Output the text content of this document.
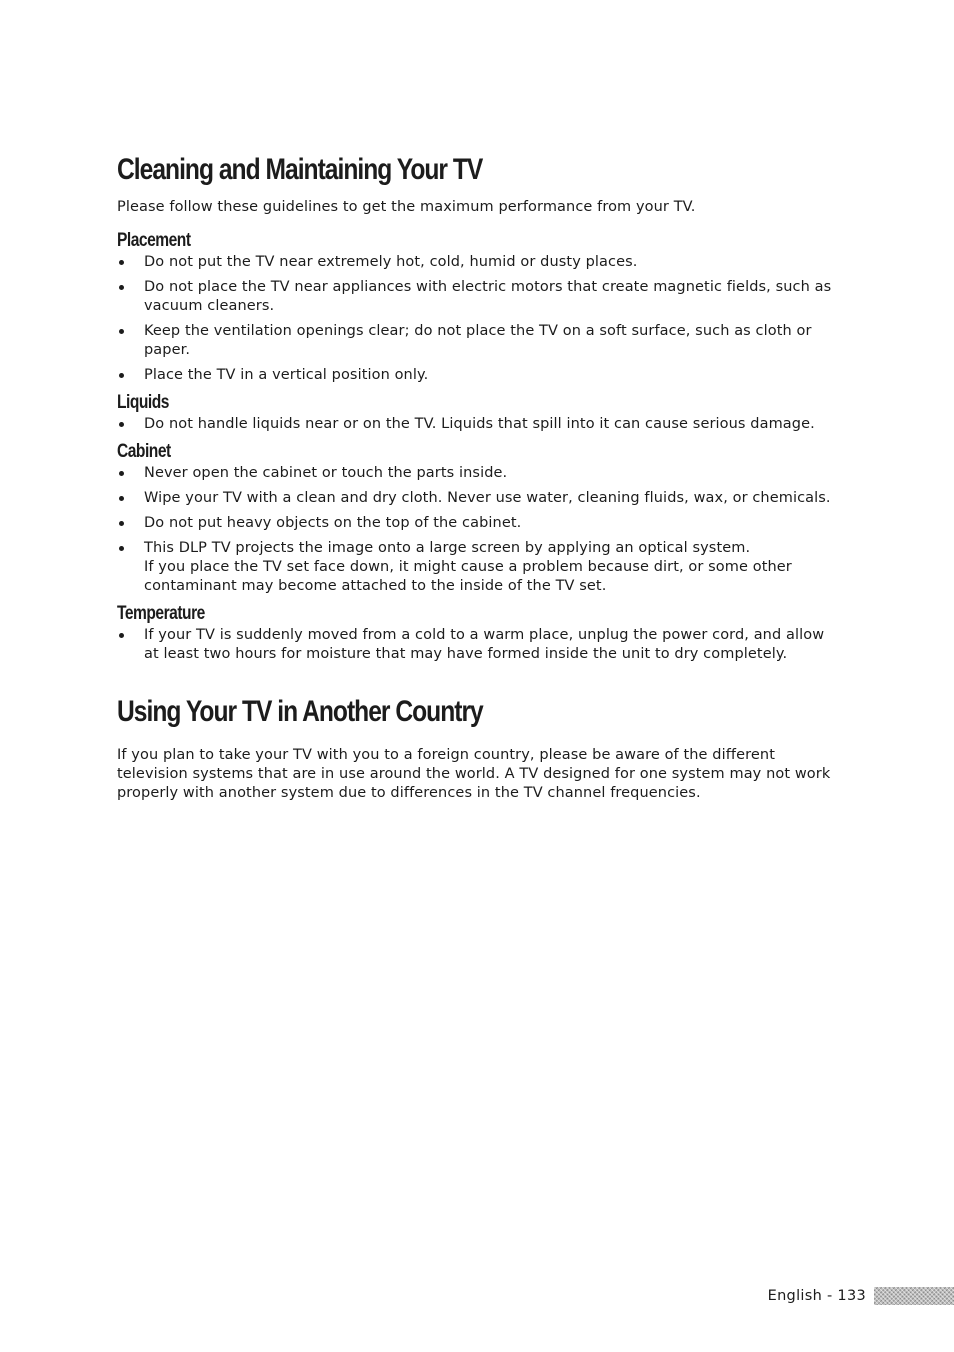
Cleaning and Maintaining Your TV

Please follow these guidelines to get the maximum performance from your TV.

Placement
Do not put the TV near extremely hot, cold, humid or dusty places.
Do not place the TV near appliances with electric motors that create magnetic fields, such as
vacuum cleaners.
Keep the ventilation openings clear; do not place the TV on a soft surface, such as cloth or
paper.
Place the TV in a vertical position only.
Liquids
Do not handle liquids near or on the TV. Liquids that spill into it can cause serious damage.
Cabinet
Never open the cabinet or touch the parts inside.
Wipe your TV with a clean and dry cloth. Never use water, cleaning fluids, wax, or chemicals.
Do not put heavy objects on the top of the cabinet.
This DLP TV projects the image onto a large screen by applying an optical system.
If you place the TV set face down, it might cause a problem because dirt, or some other
contaminant may become attached to the inside of the TV set.
Temperature
If your TV is suddenly moved from a cold to a warm place, unplug the power cord, and allow
at least two hours for moisture that may have formed inside the unit to dry completely.
Using Your TV in Another Country

If you plan to take your TV with you to a foreign country, please be aware of the different
television systems that are in use around the world. A TV designed for one system may not work
properly with another system due to differences in the TV channel frequencies.

English - 133
